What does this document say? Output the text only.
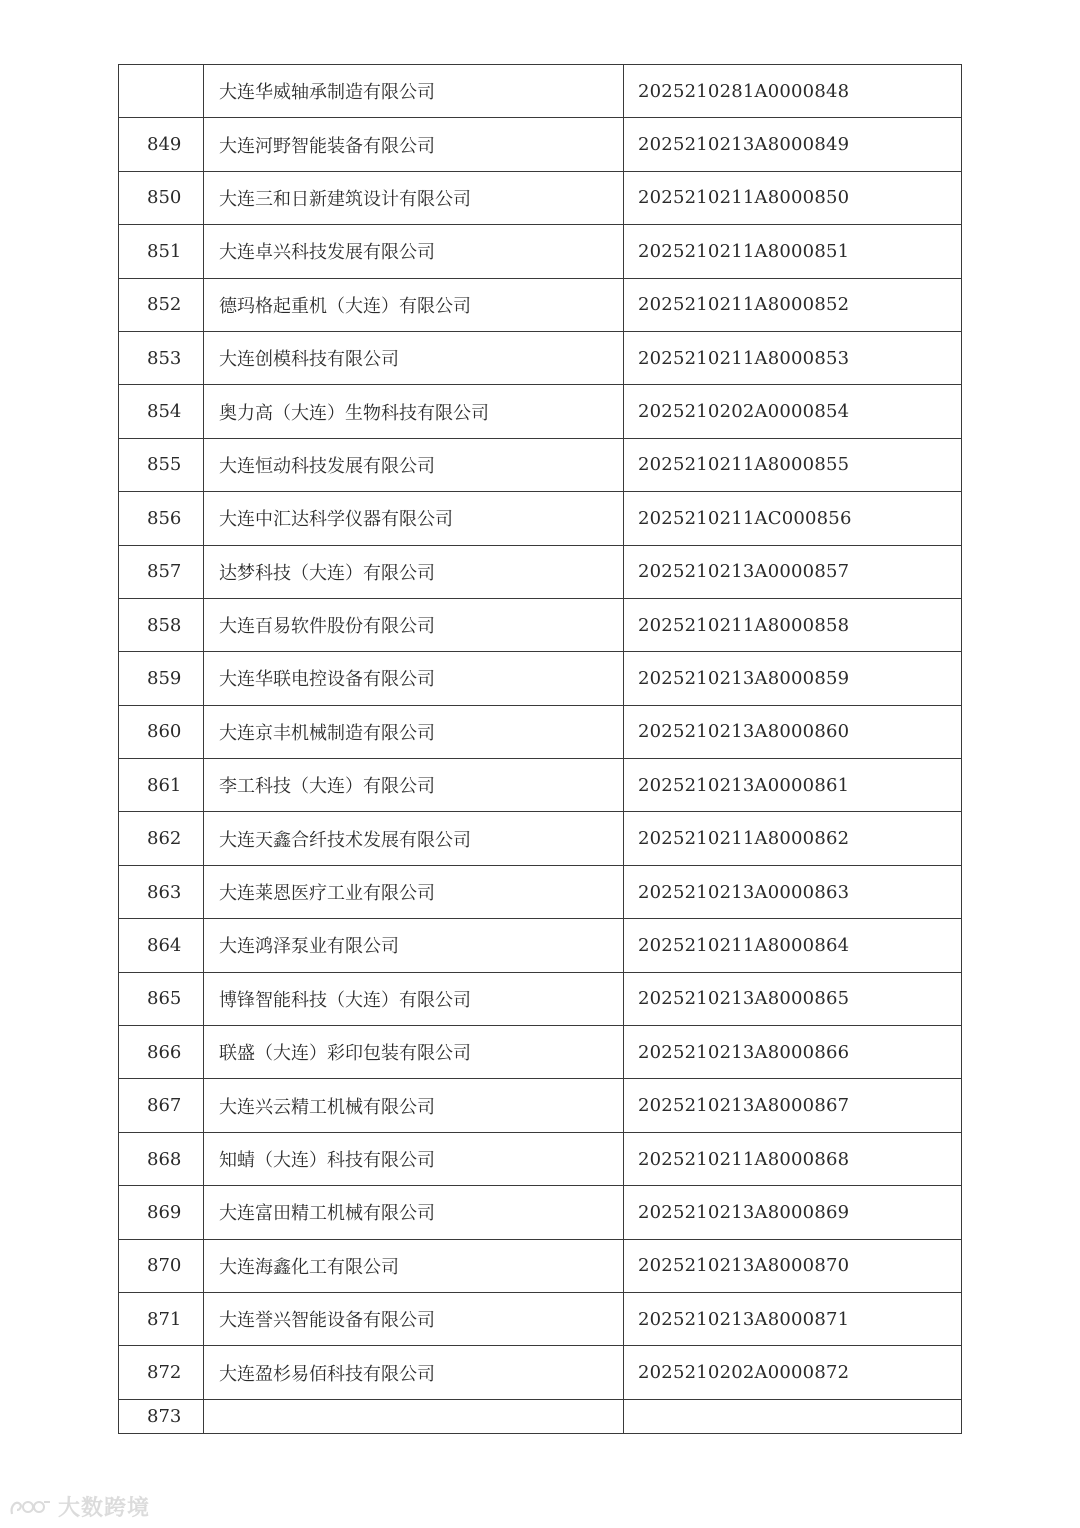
	大连华威轴承制造有限公司	2025210281A0000848
849	大连河野智能装备有限公司	2025210213A8000849
850	大连三和日新建筑设计有限公司	2025210211A8000850
851	大连卓兴科技发展有限公司	2025210211A8000851
852	德玛格起重机（大连）有限公司	2025210211A8000852
853	大连创模科技有限公司	2025210211A8000853
854	奥力高（大连）生物科技有限公司	2025210202A0000854
855	大连恒动科技发展有限公司	2025210211A8000855
856	大连中汇达科学仪器有限公司	2025210211AC000856
857	达梦科技（大连）有限公司	2025210213A0000857
858	大连百易软件股份有限公司	2025210211A8000858
859	大连华联电控设备有限公司	2025210213A8000859
860	大连京丰机械制造有限公司	2025210213A8000860
861	李工科技（大连）有限公司	2025210213A0000861
862	大连天鑫合纤技术发展有限公司	2025210211A8000862
863	大连莱恩医疗工业有限公司	2025210213A0000863
864	大连鸿泽泵业有限公司	2025210211A8000864
865	博锋智能科技（大连）有限公司	2025210213A8000865
866	联盛（大连）彩印包装有限公司	2025210213A8000866
867	大连兴云精工机械有限公司	2025210213A8000867
868	知蜻（大连）科技有限公司	2025210211A8000868
869	大连富田精工机械有限公司	2025210213A8000869
870	大连海鑫化工有限公司	2025210213A8000870
871	大连誉兴智能设备有限公司	2025210213A8000871
872	大连盈杉易佰科技有限公司	2025210202A0000872
873		
大数跨境
